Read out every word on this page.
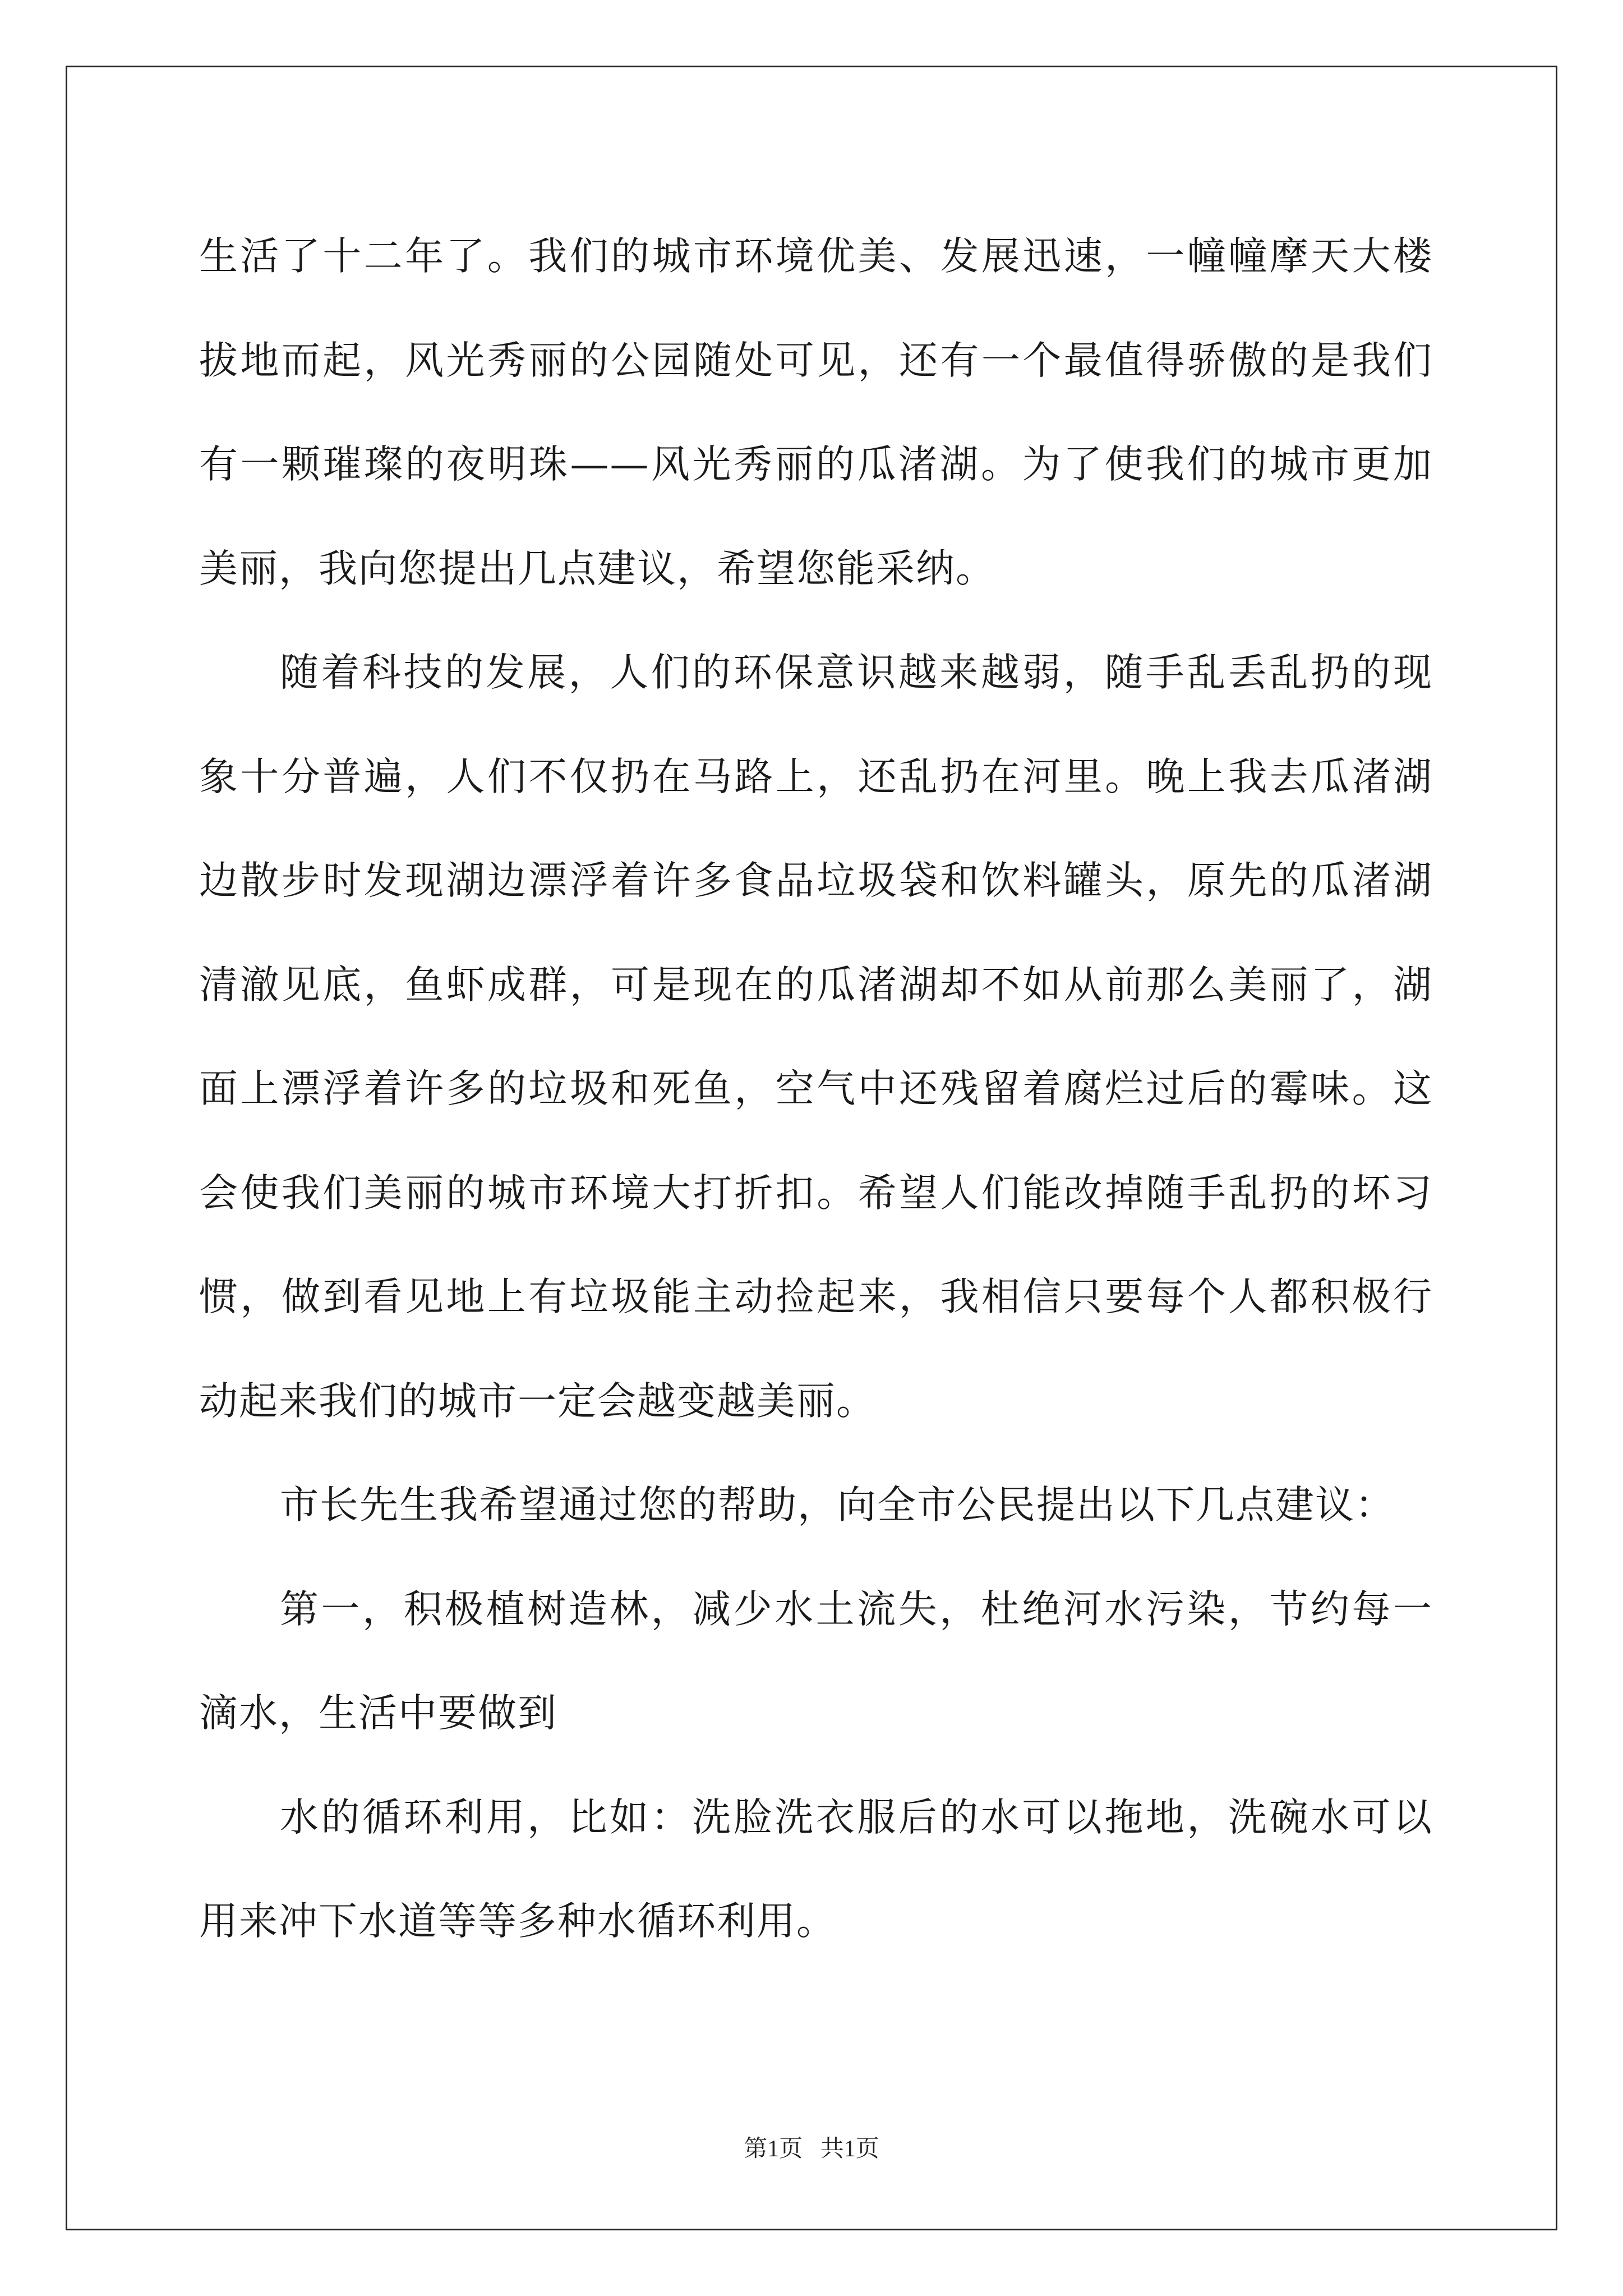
生活了十二年了。我们的城市环境优美、发展迅速，一幢幢摩天大楼拔地而起，风光秀丽的公园随处可见，还有一个最值得骄傲的是我们有一颗璀璨的夜明珠——风光秀丽的瓜渚湖。为了使我们的城市更加美丽，我向您提出几点建议，希望您能采纳。

随着科技的发展，人们的环保意识越来越弱，随手乱丢乱扔的现象十分普遍，人们不仅扔在马路上，还乱扔在河里。晚上我去瓜渚湖边散步时发现湖边漂浮着许多食品垃圾袋和饮料罐头，原先的瓜渚湖清澈见底，鱼虾成群，可是现在的瓜渚湖却不如从前那么美丽了，湖面上漂浮着许多的垃圾和死鱼，空气中还残留着腐烂过后的霉味。这会使我们美丽的城市环境大打折扣。希望人们能改掉随手乱扔的坏习惯，做到看见地上有垃圾能主动捡起来，我相信只要每个人都积极行动起来我们的城市一定会越变越美丽。

市长先生我希望通过您的帮助，向全市公民提出以下几点建议：

第一，积极植树造林，减少水土流失，杜绝河水污染，节约每一滴水，生活中要做到

水的循环利用，比如：洗脸洗衣服后的水可以拖地，洗碗水可以用来冲下水道等等多种水循环利用。

第1页   共1页
